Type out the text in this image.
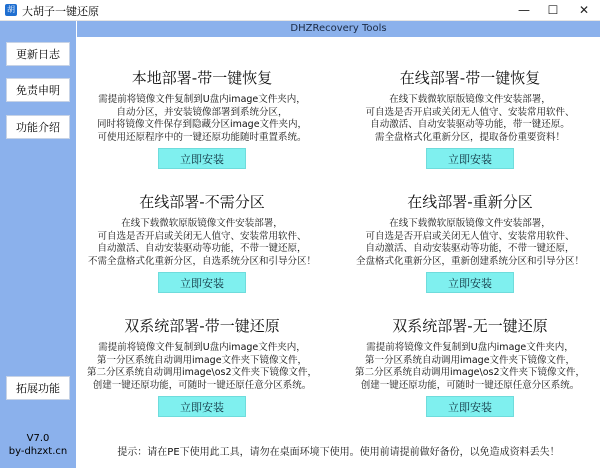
胡 大胡子一键还原	—	☐	✕
更新日志
免责申明
功能介绍
拓展功能
V7.0
by-dhzxt.cn
DHZRecovery Tools
本地部署-带一键恢复
需提前将镜像文件复制到U盘内image文件夹内，
自动分区，并安装镜像部署到系统分区，
同时将镜像文件保存到隐藏分区image文件夹内，
可使用还原程序中的一键还原功能随时重置系统。
立即安装
在线部署-带一键恢复
在线下载微软原版镜像文件安装部署，
可自选是否开启或关闭无人值守、安装常用软件、
自动激活、自动安装驱动等功能，带一键还原。
需全盘格式化重新分区，提取备份重要资料！
立即安装
在线部署-不需分区
在线下载微软原版镜像文件安装部署，
可自选是否开启或关闭无人值守、安装常用软件、
自动激活、自动安装驱动等功能，不带一键还原，
不需全盘格式化重新分区，自选系统分区和引导分区！
立即安装
在线部署-重新分区
在线下载微软原版镜像文件安装部署，
可自选是否开启或关闭无人值守、安装常用软件、
自动激活、自动安装驱动等功能，不带一键还原，
全盘格式化重新分区，重新创建系统分区和引导分区！
立即安装
双系统部署-带一键还原
需提前将镜像文件复制到U盘内image文件夹内，
第一分区系统自动调用image文件夹下镜像文件，
第二分区系统自动调用image\os2文件夹下镜像文件，
创建一键还原功能，可随时一键还原任意分区系统。
立即安装
双系统部署-无一键还原
需提前将镜像文件复制到U盘内image文件夹内，
第一分区系统自动调用image文件夹下镜像文件，
第二分区系统自动调用image\os2文件夹下镜像文件，
创建一键还原功能，可随时一键还原任意分区系统。
立即安装
提示：请在PE下使用此工具，请勿在桌面环境下使用。使用前请提前做好备份，以免造成资料丢失！
